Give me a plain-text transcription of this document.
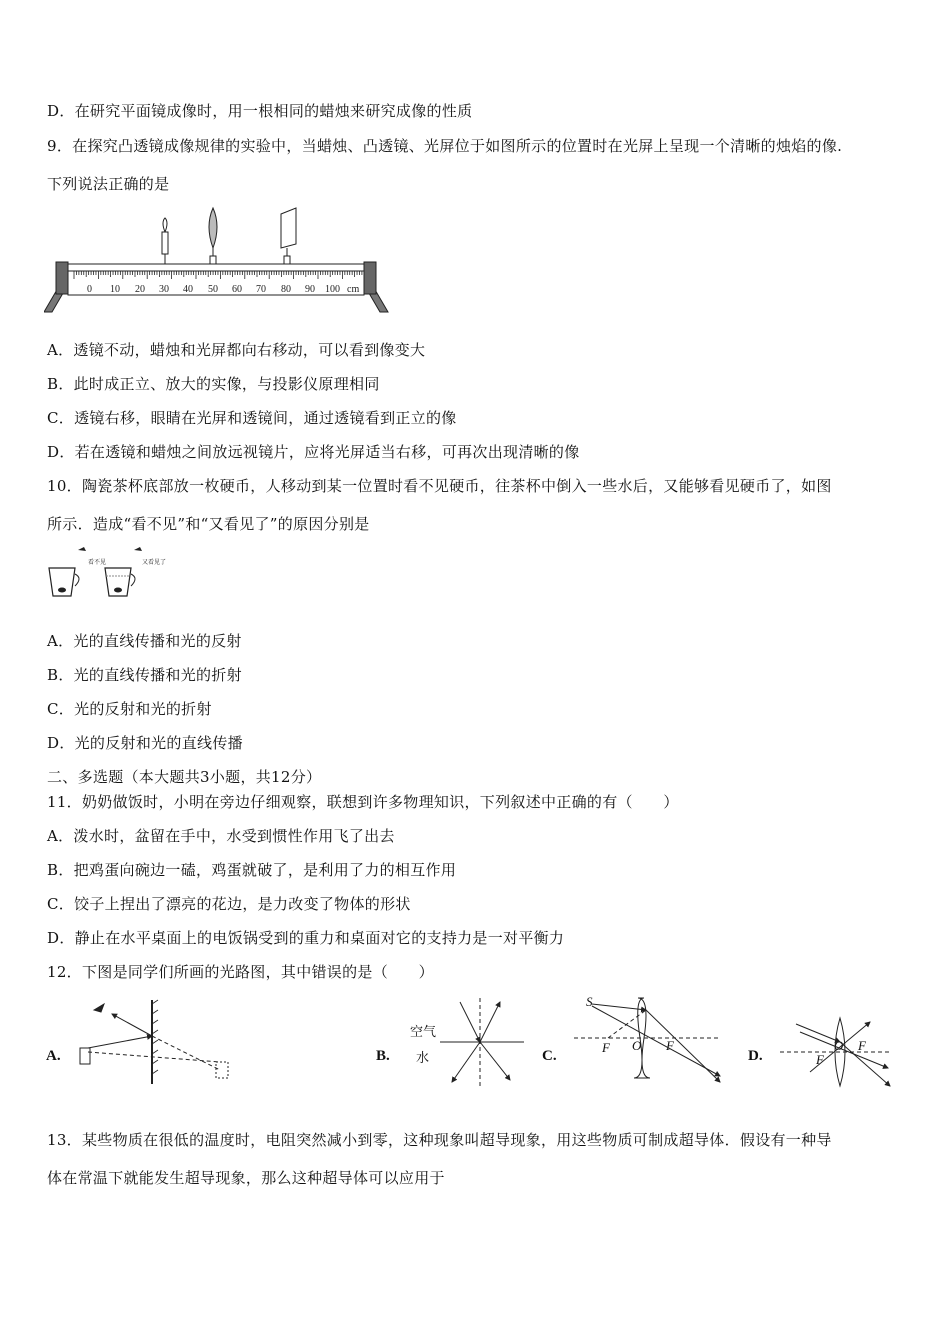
D．在研究平面镜成像时，用一根相同的蜡烛来研究成像的性质
9．在探究凸透镜成像规律的实验中，当蜡烛、凸透镜、光屏位于如图所示的位置时在光屏上呈现一个清晰的烛焰的像.
下列说法正确的是
0 10 20 30 40 50 60 70 80 90 100 cm
A．透镜不动，蜡烛和光屏都向右移动，可以看到像变大
B．此时成正立、放大的实像，与投影仪原理相同
C．透镜右移，眼睛在光屏和透镜间，通过透镜看到正立的像
D．若在透镜和蜡烛之间放远视镜片，应将光屏适当右移，可再次出现清晰的像
10．陶瓷茶杯底部放一枚硬币，人移动到某一位置时看不见硬币，往茶杯中倒入一些水后，又能够看见硬币了，如图
所示．造成“看不见”和“又看见了”的原因分别是
看不见	又看见了
A．光的直线传播和光的反射
B．光的直线传播和光的折射
C．光的反射和光的折射
D．光的反射和光的直线传播
二、多选题（本大题共3小题，共12分）
11．奶奶做饭时，小明在旁边仔细观察，联想到许多物理知识，下列叙述中正确的有（　　）
A．泼水时，盆留在手中，水受到惯性作用飞了出去
B．把鸡蛋向碗边一磕，鸡蛋就破了，是利用了力的相互作用
C．饺子上捏出了漂亮的花边，是力改变了物体的形状
D．静止在水平桌面上的电饭锅受到的重力和桌面对它的支持力是一对平衡力
12．下图是同学们所画的光路图，其中错误的是（　　）
A.	B.
空气
水	C.
S
F O F
D.	F
O F
13．某些物质在很低的温度时，电阻突然减小到零，这种现象叫超导现象，用这些物质可制成超导体．假设有一种导
体在常温下就能发生超导现象，那么这种超导体可以应用于
